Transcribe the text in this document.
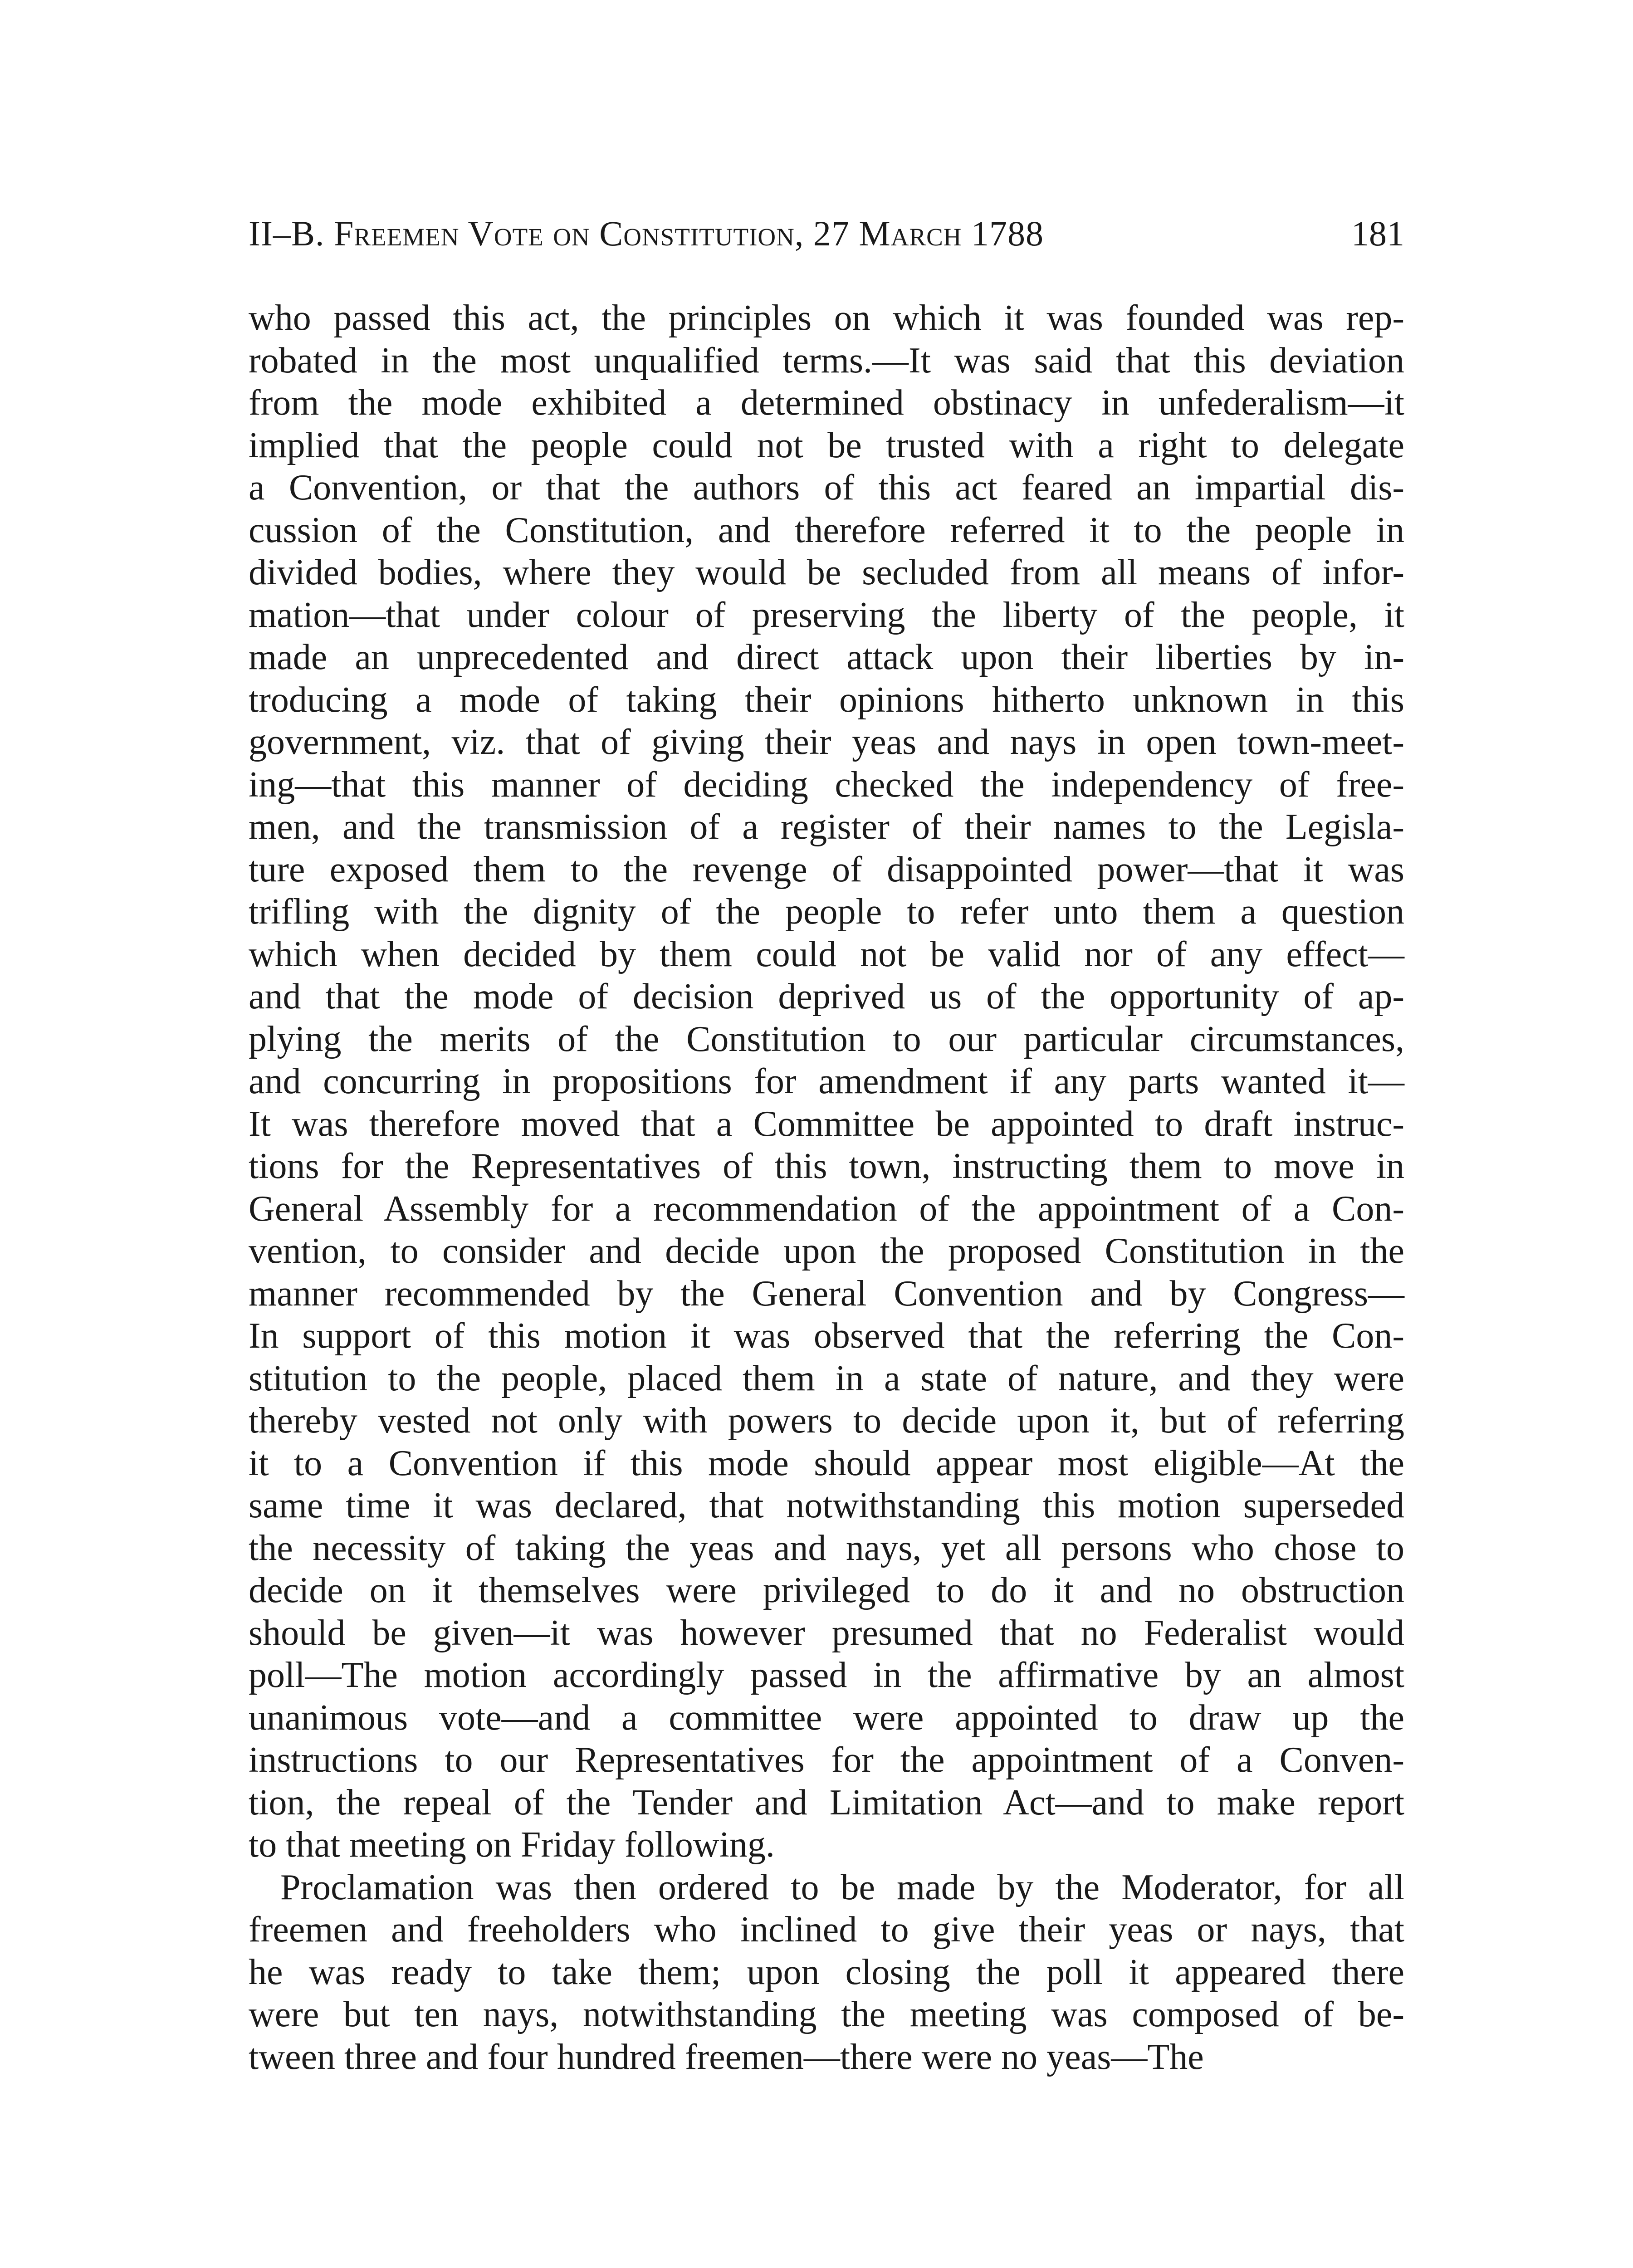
II–B. Freemen Vote on Constitution, 27 March 1788	181
who passed this act, the principles on which it was founded was rep-
robated in the most unqualified terms.—It was said that this deviation
from the mode exhibited a determined obstinacy in unfederalism—it
implied that the people could not be trusted with a right to delegate
a Convention, or that the authors of this act feared an impartial dis-
cussion of the Constitution, and therefore referred it to the people in
divided bodies, where they would be secluded from all means of infor-
mation—that under colour of preserving the liberty of the people, it
made an unprecedented and direct attack upon their liberties by in-
troducing a mode of taking their opinions hitherto unknown in this
government, viz. that of giving their yeas and nays in open town-meet-
ing—that this manner of deciding checked the independency of free-
men, and the transmission of a register of their names to the Legisla-
ture exposed them to the revenge of disappointed power—that it was
trifling with the dignity of the people to refer unto them a question
which when decided by them could not be valid nor of any effect—
and that the mode of decision deprived us of the opportunity of ap-
plying the merits of the Constitution to our particular circumstances,
and concurring in propositions for amendment if any parts wanted it—
It was therefore moved that a Committee be appointed to draft instruc-
tions for the Representatives of this town, instructing them to move in
General Assembly for a recommendation of the appointment of a Con-
vention, to consider and decide upon the proposed Constitution in the
manner recommended by the General Convention and by Congress—
In support of this motion it was observed that the referring the Con-
stitution to the people, placed them in a state of nature, and they were
thereby vested not only with powers to decide upon it, but of referring
it to a Convention if this mode should appear most eligible—At the
same time it was declared, that notwithstanding this motion superseded
the necessity of taking the yeas and nays, yet all persons who chose to
decide on it themselves were privileged to do it and no obstruction
should be given—it was however presumed that no Federalist would
poll—The motion accordingly passed in the affirmative by an almost
unanimous vote—and a committee were appointed to draw up the
instructions to our Representatives for the appointment of a Conven-
tion, the repeal of the Tender and Limitation Act—and to make report
to that meeting on Friday following.
Proclamation was then ordered to be made by the Moderator, for all
freemen and freeholders who inclined to give their yeas or nays, that
he was ready to take them; upon closing the poll it appeared there
were but ten nays, notwithstanding the meeting was composed of be-
tween three and four hundred freemen—there were no yeas—The
